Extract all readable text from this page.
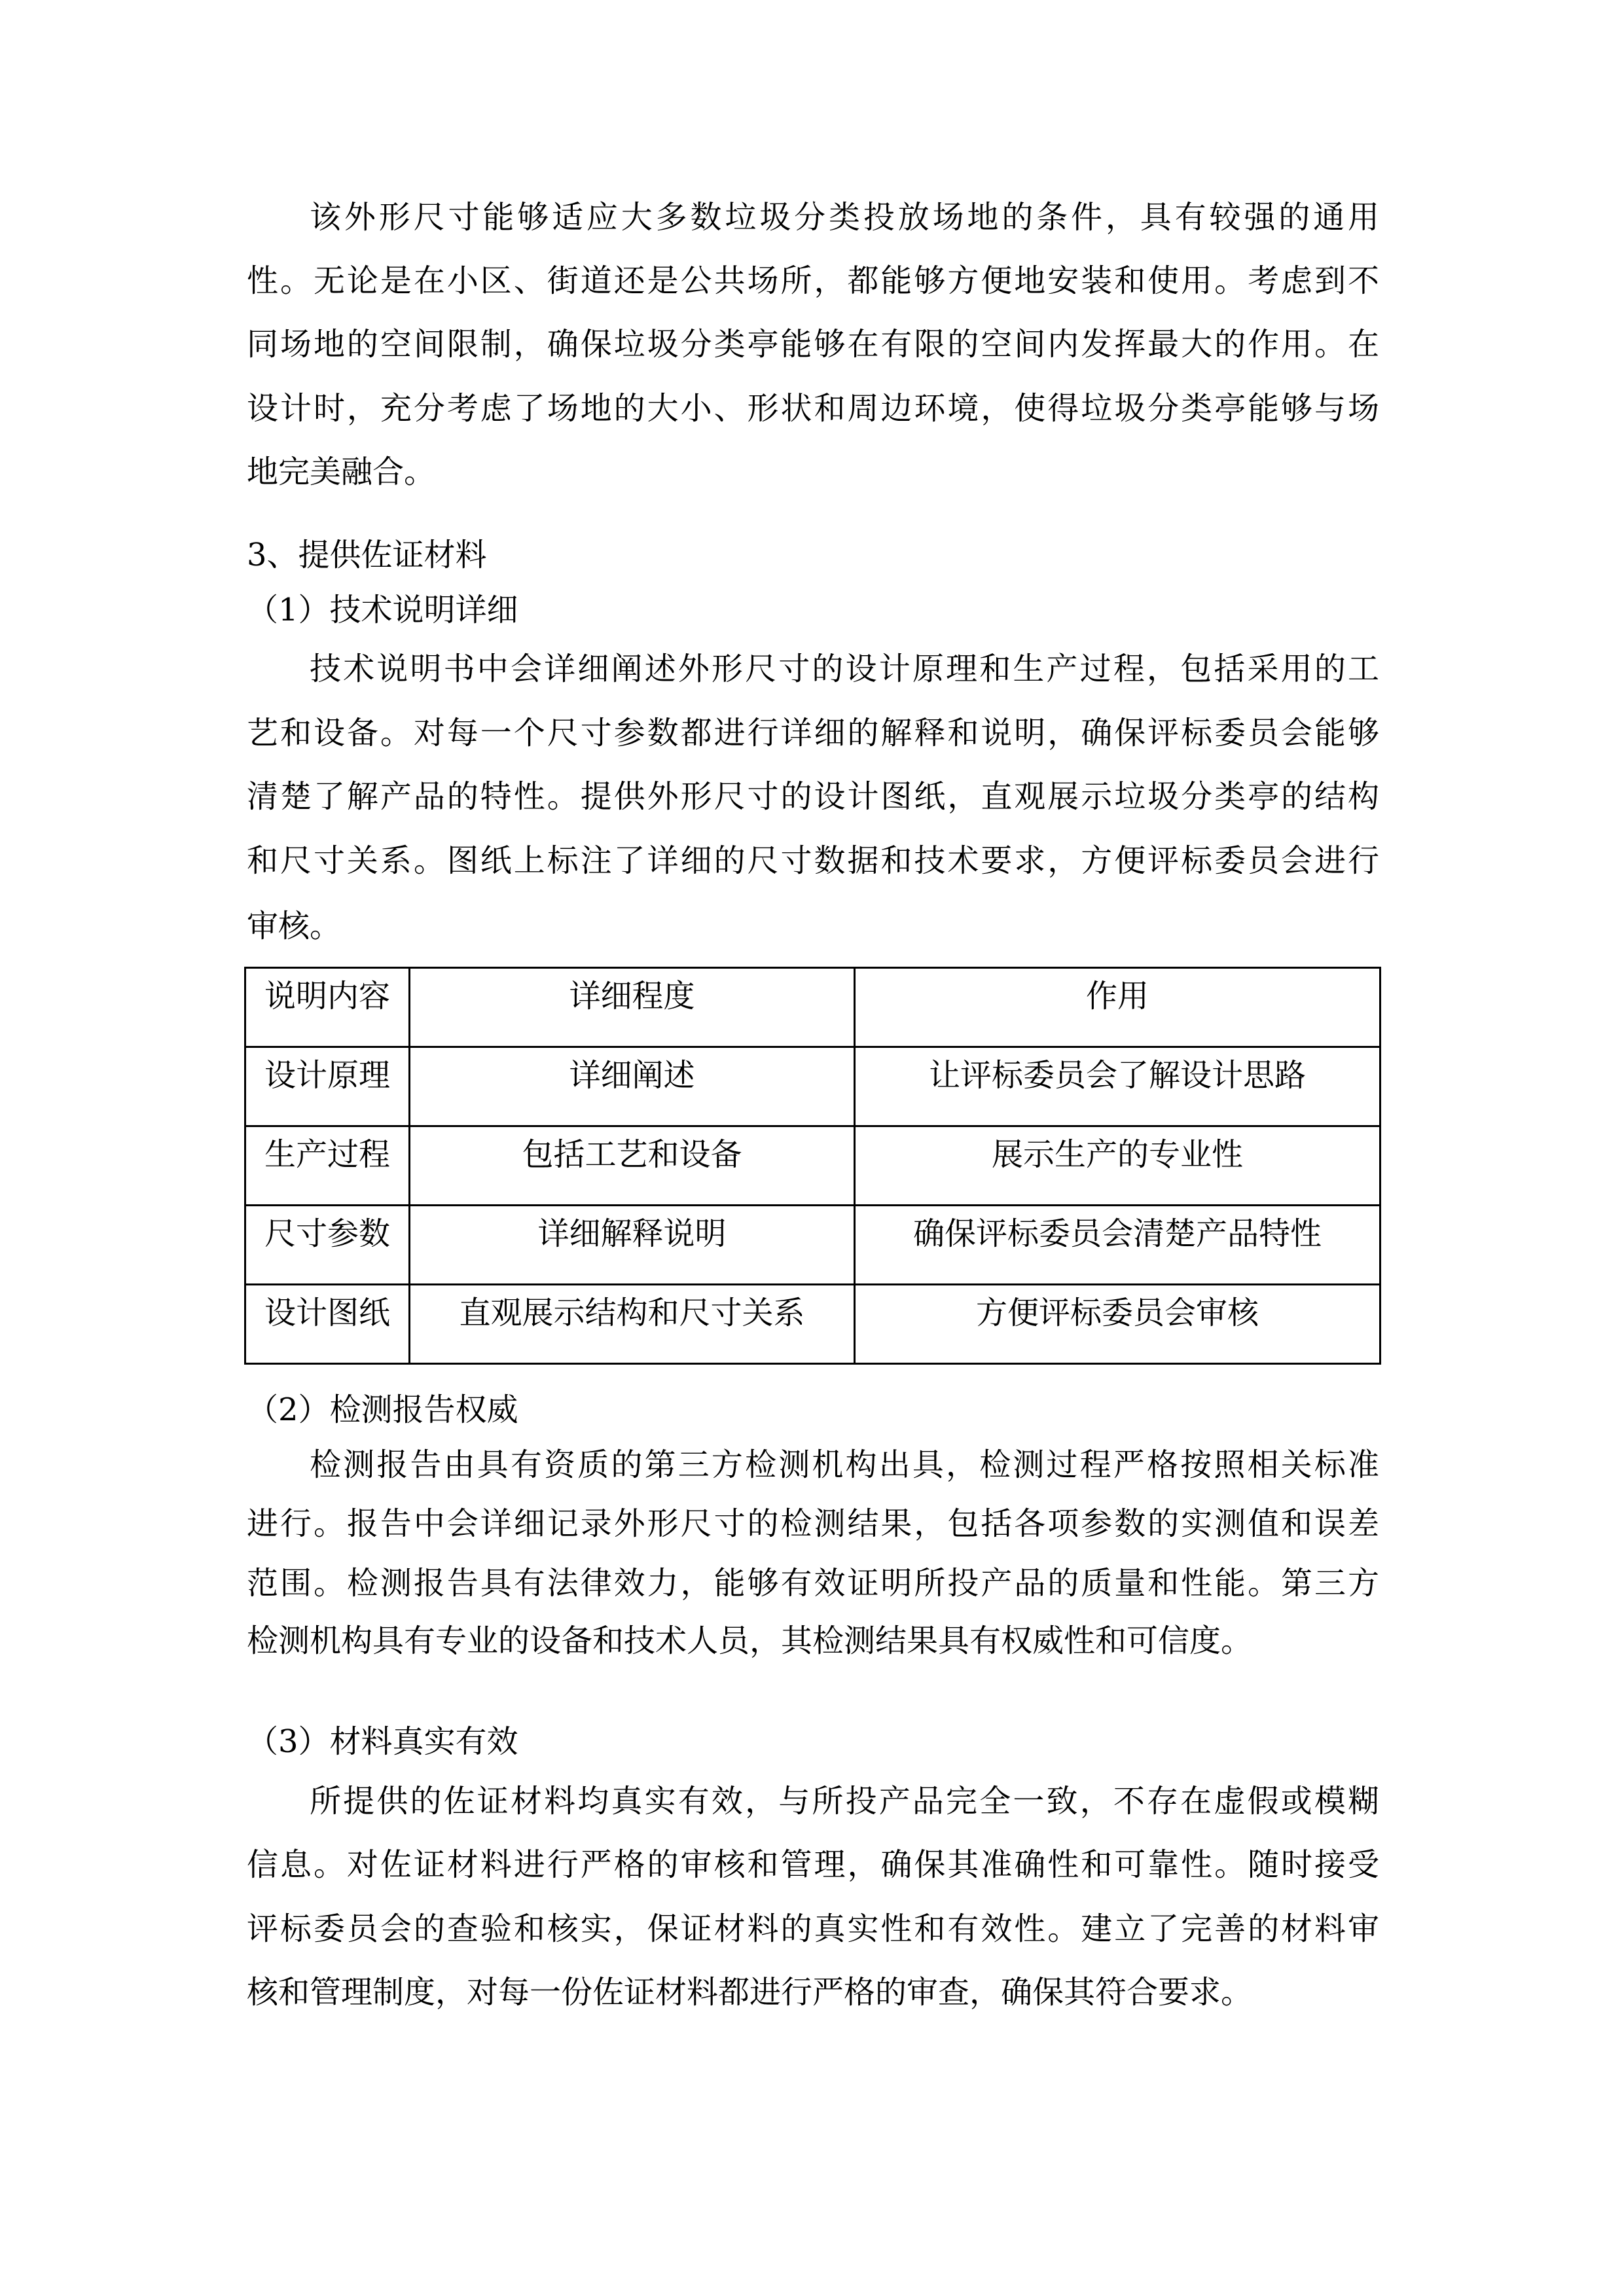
该外形尺寸能够适应大多数垃圾分类投放场地的条件，具有较强的通用
性。无论是在小区、街道还是公共场所，都能够方便地安装和使用。考虑到不
同场地的空间限制，确保垃圾分类亭能够在有限的空间内发挥最大的作用。在
设计时，充分考虑了场地的大小、形状和周边环境，使得垃圾分类亭能够与场
地完美融合。
3、提供佐证材料
（1）技术说明详细
技术说明书中会详细阐述外形尺寸的设计原理和生产过程，包括采用的工
艺和设备。对每一个尺寸参数都进行详细的解释和说明，确保评标委员会能够
清楚了解产品的特性。提供外形尺寸的设计图纸，直观展示垃圾分类亭的结构
和尺寸关系。图纸上标注了详细的尺寸数据和技术要求，方便评标委员会进行
审核。
说明内容	详细程度	作用

设计原理	详细阐述	让评标委员会了解设计思路

生产过程	包括工艺和设备	展示生产的专业性

尺寸参数	详细解释说明	确保评标委员会清楚产品特性

设计图纸	直观展示结构和尺寸关系	方便评标委员会审核
（2）检测报告权威
检测报告由具有资质的第三方检测机构出具，检测过程严格按照相关标准
进行。报告中会详细记录外形尺寸的检测结果，包括各项参数的实测值和误差
范围。检测报告具有法律效力，能够有效证明所投产品的质量和性能。第三方
检测机构具有专业的设备和技术人员，其检测结果具有权威性和可信度。
（3）材料真实有效
所提供的佐证材料均真实有效，与所投产品完全一致，不存在虚假或模糊
信息。对佐证材料进行严格的审核和管理，确保其准确性和可靠性。随时接受
评标委员会的查验和核实，保证材料的真实性和有效性。建立了完善的材料审
核和管理制度，对每一份佐证材料都进行严格的审查，确保其符合要求。
